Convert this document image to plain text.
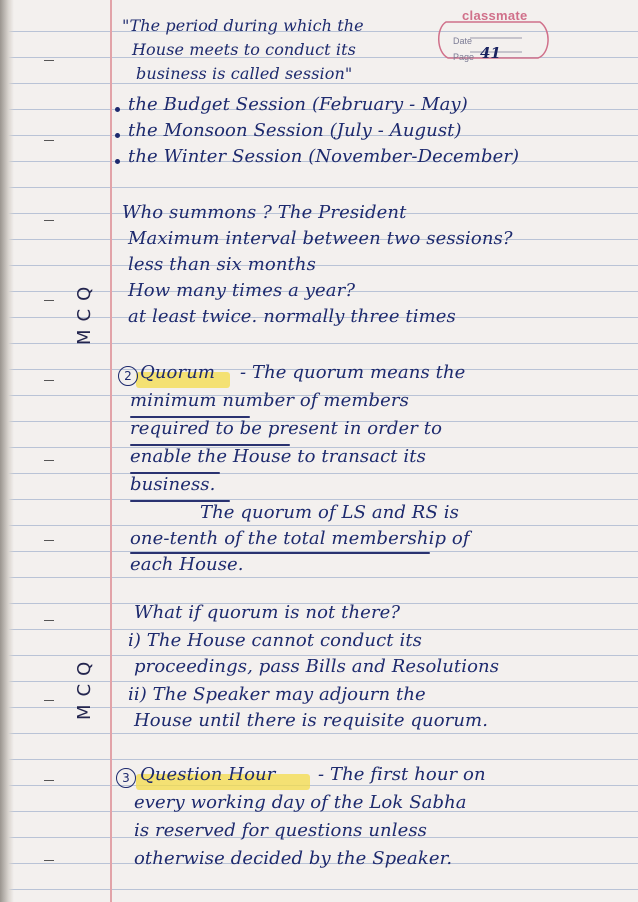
classmate
Date
Page 41
"The period during which the
House meets to conduct its
business is called session"
the Budget Session (February - May)
the Monsoon Session (July - August)
the Winter Session (November-December)
MCQ
Who summons ? The President
Maximum interval between two sessions?
less than six months
How many times a year?
at least twice. normally three times
2 Quorum - The quorum means the
minimum number of members
required to be present in order to
enable the House to transact its
business.
The quorum of LS and RS is
one-tenth of the total membership of
each House.
MCQ
What if quorum is not there?
i) The House cannot conduct its
proceedings, pass Bills and Resolutions
ii) The Speaker may adjourn the
House until there is requisite quorum.
3 Question Hour - The first hour on
every working day of the Lok Sabha
is reserved for questions unless
otherwise decided by the Speaker.
